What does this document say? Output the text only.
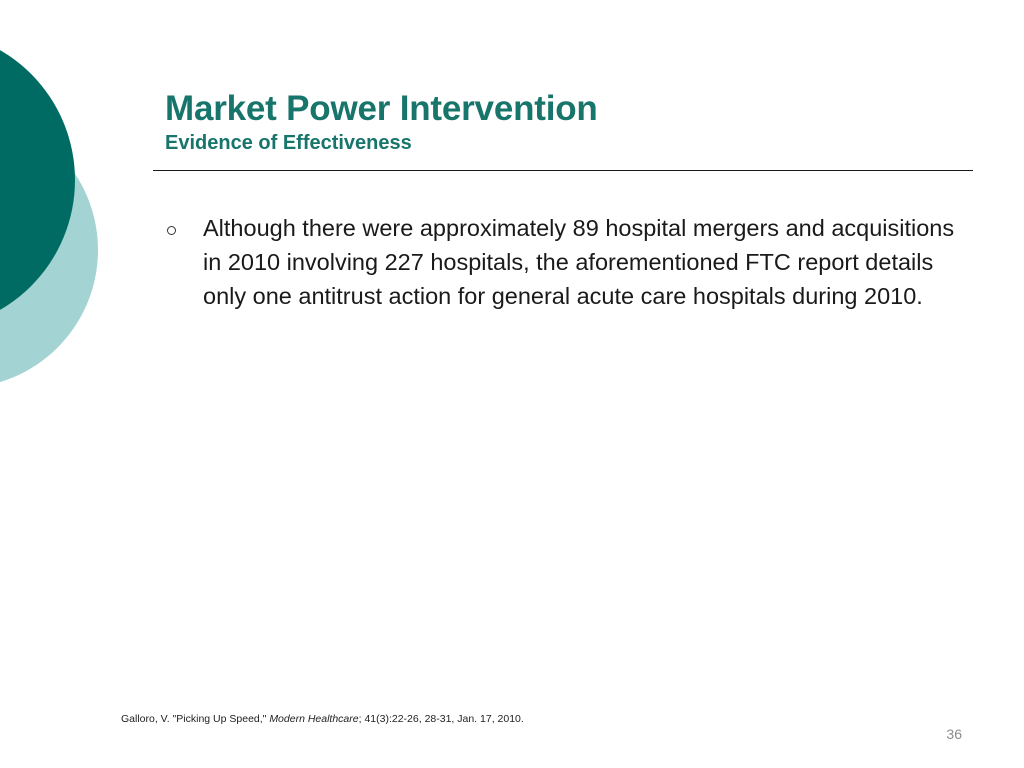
Market Power Intervention
Evidence of Effectiveness
Although there were approximately 89 hospital mergers and acquisitions in 2010 involving 227 hospitals, the aforementioned FTC report details only one antitrust action for general acute care hospitals during 2010.
Galloro, V. "Picking Up Speed," Modern Healthcare; 41(3):22-26, 28-31, Jan. 17, 2010.
36
